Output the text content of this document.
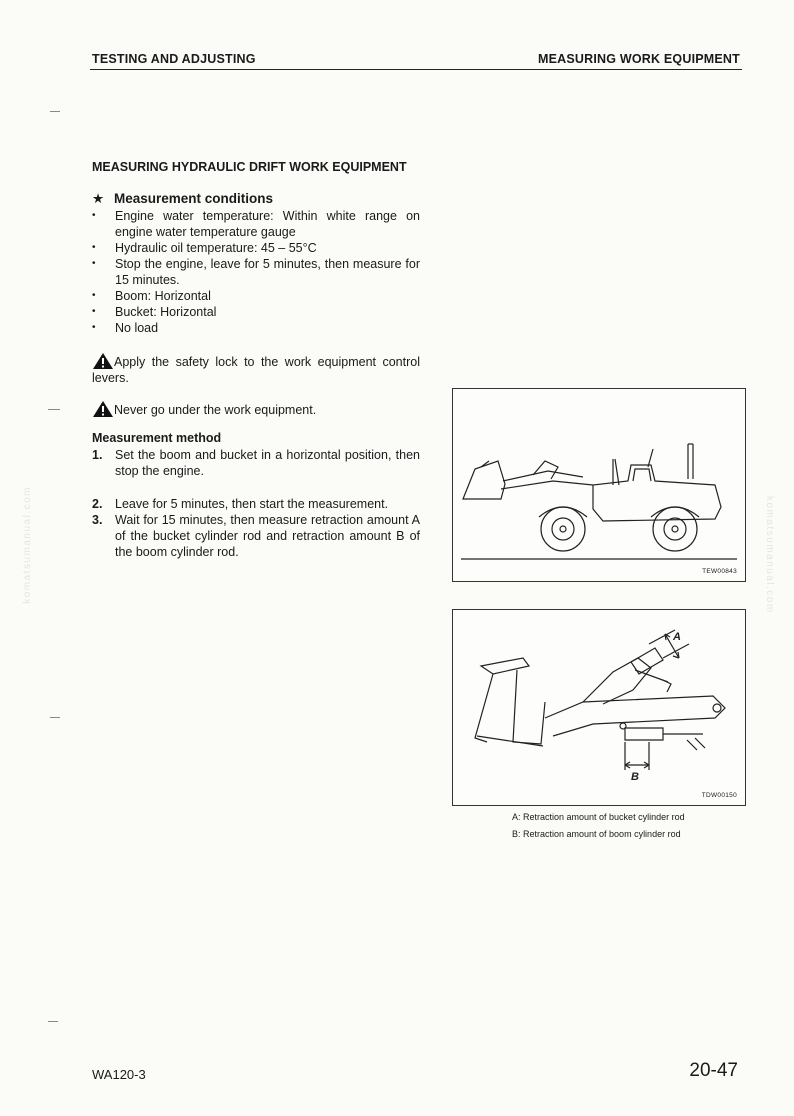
TESTING AND ADJUSTING	MEASURING WORK EQUIPMENT
komatsumanual.com	komatsumanual.com
MEASURING HYDRAULIC DRIFT WORK EQUIPMENT
★ Measurement conditions
• Engine water temperature: Within white range on engine water temperature gauge
• Hydraulic oil temperature: 45 – 55°C
• Stop the engine, leave for 5 minutes, then measure for 15 minutes.
• Boom: Horizontal
• Bucket: Horizontal
• No load
Apply the safety lock to the work equipment control levers.
Never go under the work equipment.
Measurement method
1. Set the boom and bucket in a horizontal position, then stop the engine.
2. Leave for 5 minutes, then start the measurement.
3. Wait for 15 minutes, then measure retraction amount A of the bucket cylinder rod and retraction amount B of the boom cylinder rod.
TEW00843
A
B
TDW00150
A: Retraction amount of bucket cylinder rod
B: Retraction amount of boom cylinder rod
WA120-3	20-47
